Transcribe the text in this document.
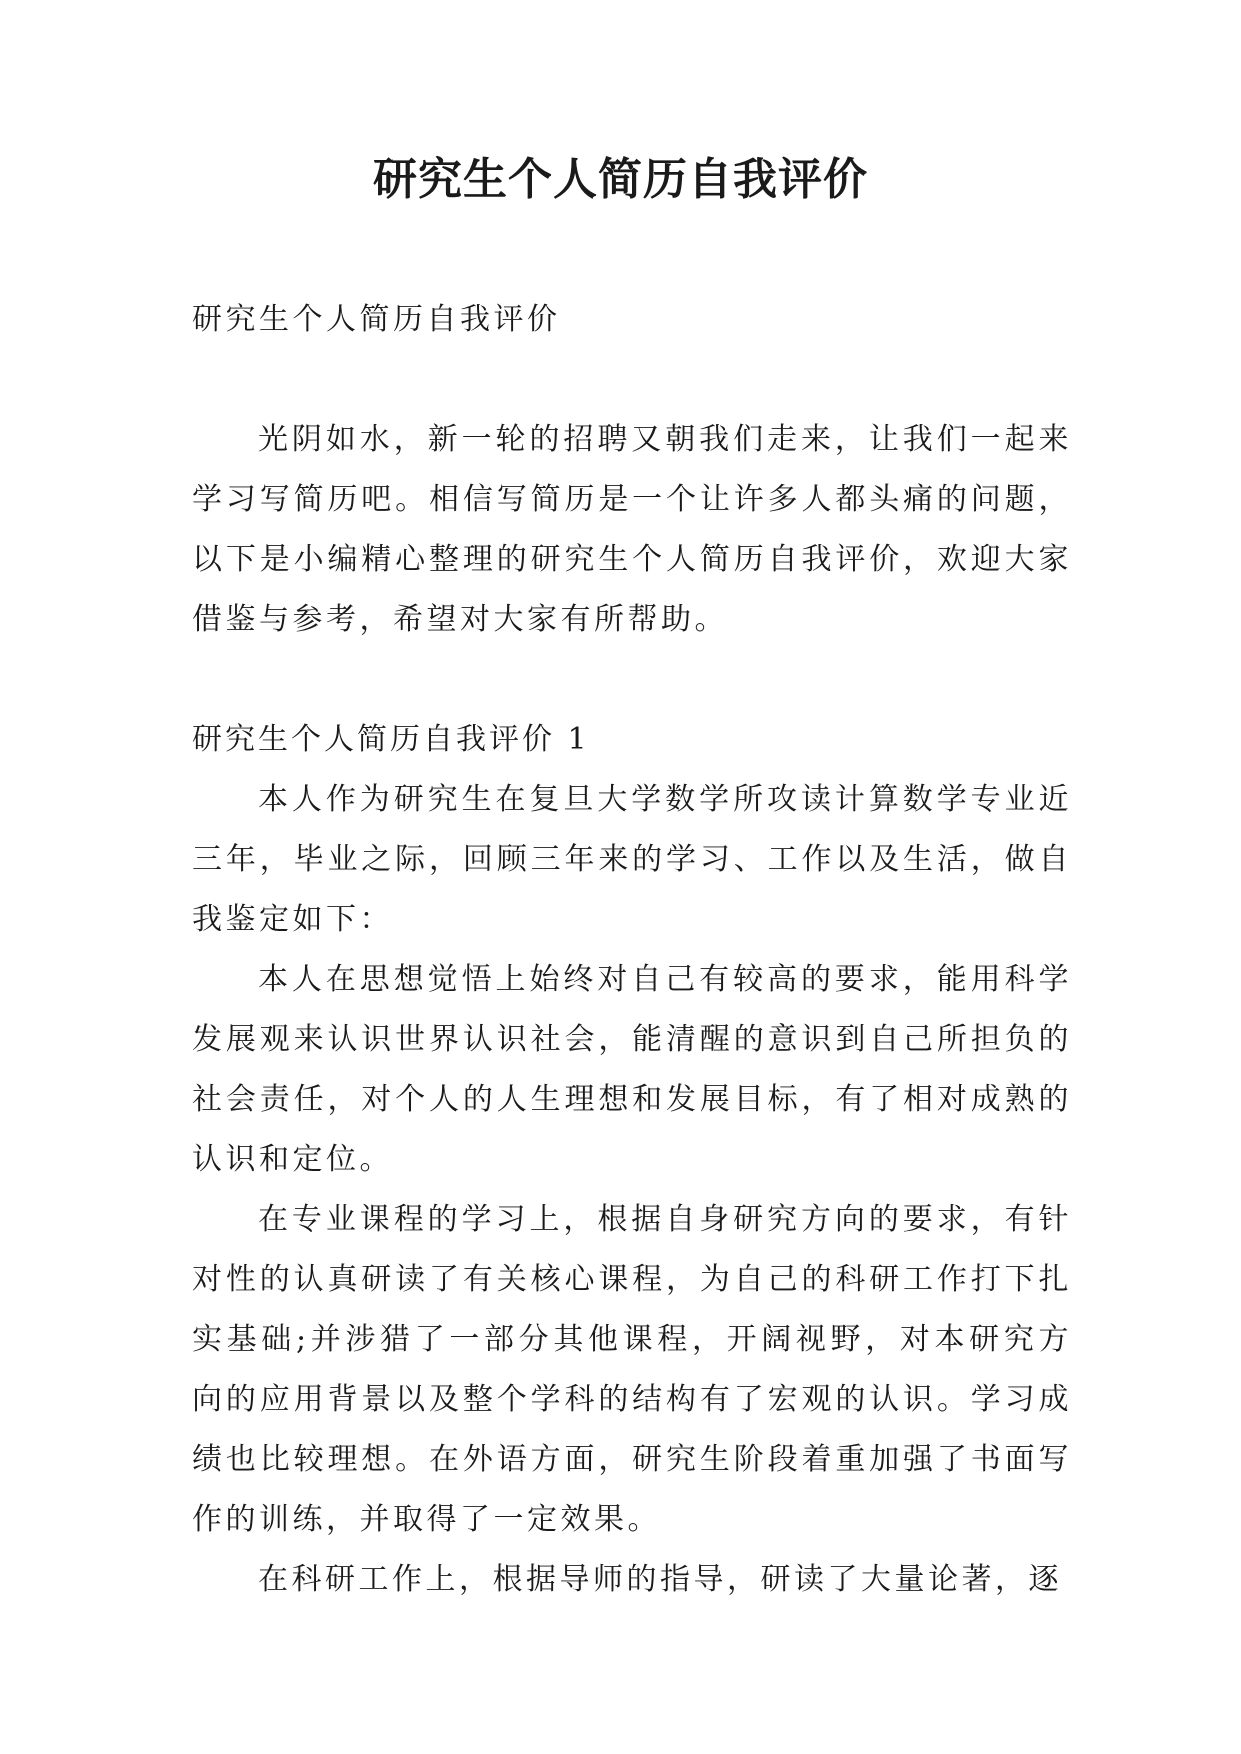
研究生个人简历自我评价

研究生个人简历自我评价

光阴如水，新一轮的招聘又朝我们走来，让我们一起来学习写简历吧。相信写简历是一个让许多人都头痛的问题，以下是小编精心整理的研究生个人简历自我评价，欢迎大家借鉴与参考，希望对大家有所帮助。

研究生个人简历自我评价 1

本人作为研究生在复旦大学数学所攻读计算数学专业近三年，毕业之际，回顾三年来的学习、工作以及生活，做自我鉴定如下：

本人在思想觉悟上始终对自己有较高的要求，能用科学发展观来认识世界认识社会，能清醒的意识到自己所担负的社会责任，对个人的人生理想和发展目标，有了相对成熟的认识和定位。

在专业课程的学习上，根据自身研究方向的要求，有针对性的认真研读了有关核心课程，为自己的科研工作打下扎实基础;并涉猎了一部分其他课程，开阔视野，对本研究方向的应用背景以及整个学科的结构有了宏观的认识。学习成绩也比较理想。在外语方面，研究生阶段着重加强了书面写作的训练，并取得了一定效果。

在科研工作上，根据导师的指导，研读了大量论著，逐
